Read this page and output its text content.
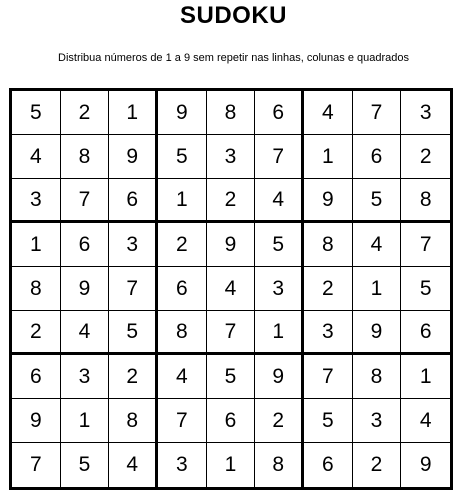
SUDOKU
Distribua números de 1 a 9 sem repetir nas linhas, colunas e quadrados
5	2	1	9	8	6	4	7	3
4	8	9	5	3	7	1	6	2
3	7	6	1	2	4	9	5	8
1	6	3	2	9	5	8	4	7
8	9	7	6	4	3	2	1	5
2	4	5	8	7	1	3	9	6
6	3	2	4	5	9	7	8	1
9	1	8	7	6	2	5	3	4
7	5	4	3	1	8	6	2	9
